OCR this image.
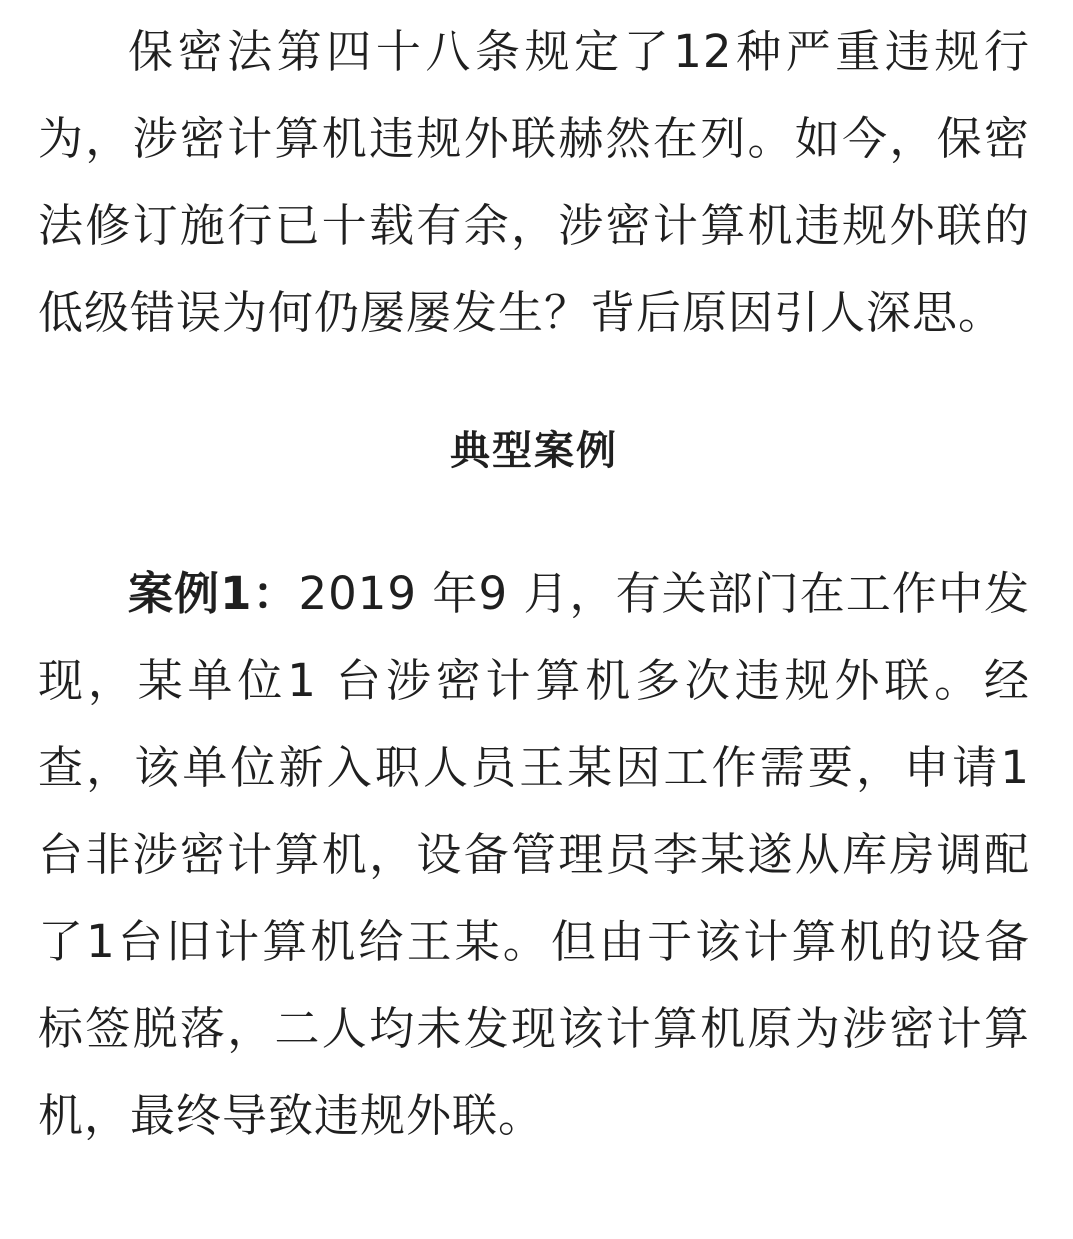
保密法第四十八条规定了12种严重违规行为，涉密计算机违规外联赫然在列。如今，保密法修订施行已十载有余，涉密计算机违规外联的低级错误为何仍屡屡发生？背后原因引人深思。

典型案例

案例1：2019 年9 月，有关部门在工作中发现，某单位1 台涉密计算机多次违规外联。经查，该单位新入职人员王某因工作需要，申请1台非涉密计算机，设备管理员李某遂从库房调配了1台旧计算机给王某。但由于该计算机的设备标签脱落，二人均未发现该计算机原为涉密计算机，最终导致违规外联。
